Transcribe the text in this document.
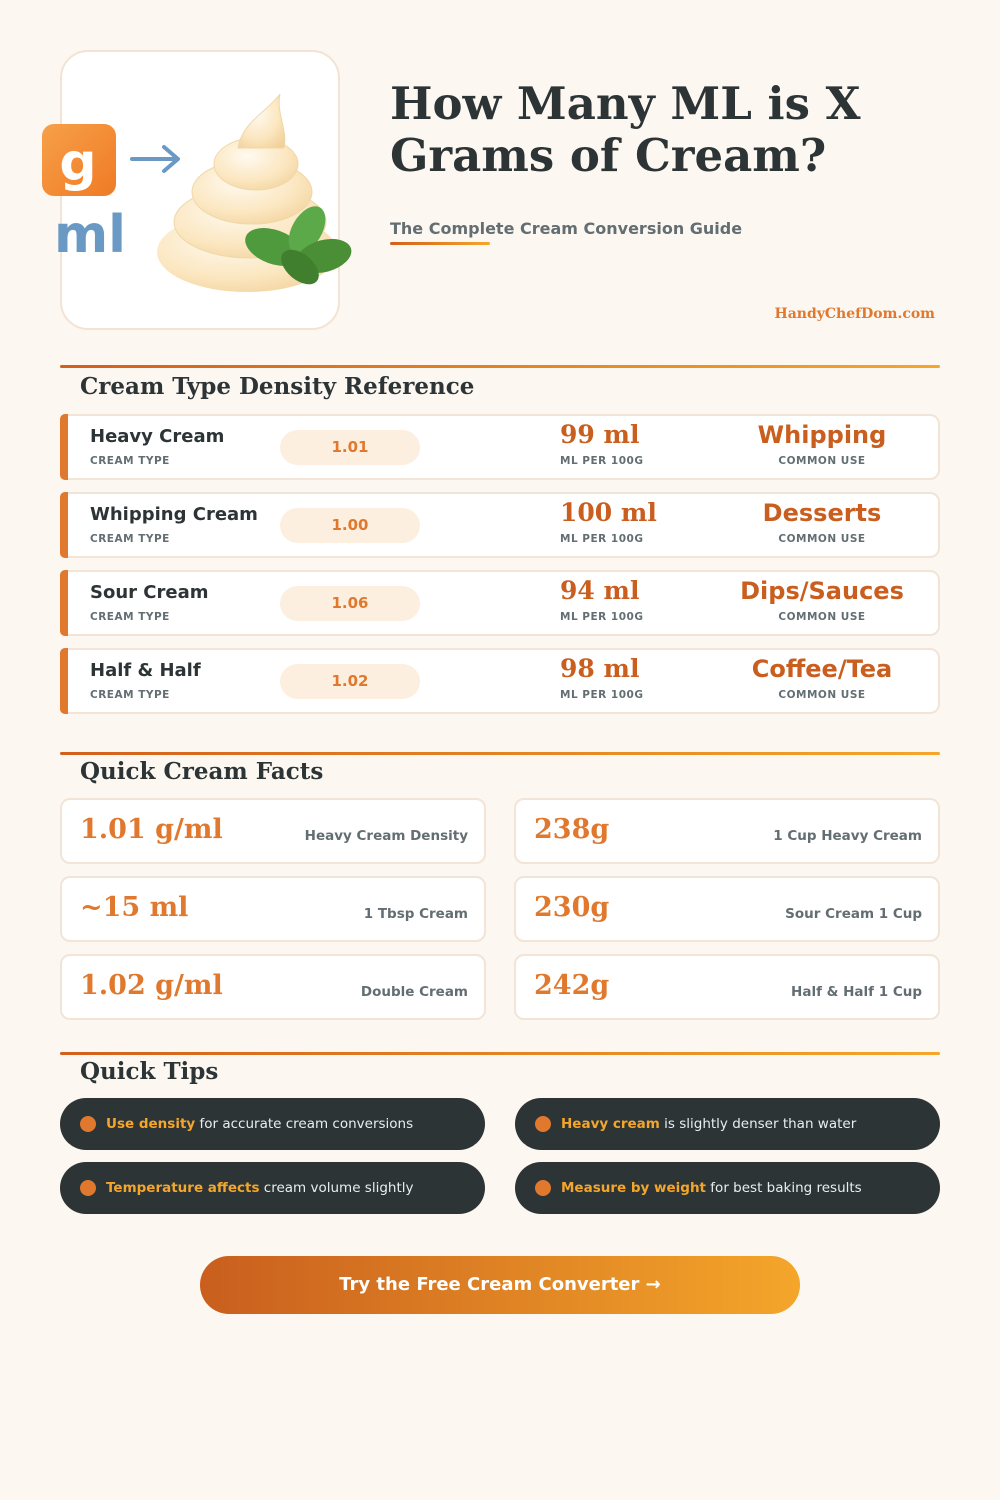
g
ml
How Many ML is X Grams of Cream?
The Complete Cream Conversion Guide
HandyChefDom.com
Cream Type Density Reference
Heavy Cream
CREAM TYPE
1.01	99 ml
ML PER 100G
Whipping
COMMON USE
Whipping Cream
CREAM TYPE
1.00	100 ml
ML PER 100G
Desserts
COMMON USE
Sour Cream
CREAM TYPE
1.06	94 ml
ML PER 100G
Dips/Sauces
COMMON USE
Half & Half
CREAM TYPE
1.02	98 ml
ML PER 100G
Coffee/Tea
COMMON USE
Quick Cream Facts
1.01 g/ml	Heavy Cream Density 238g	1 Cup Heavy Cream
~15 ml	1 Tbsp Cream 230g	Sour Cream 1 Cup
1.02 g/ml	Double Cream 242g	Half & Half 1 Cup
Quick Tips
Use density for accurate cream conversions	Heavy cream is slightly denser than water
Temperature affects cream volume slightly	Measure by weight for best baking results
Try the Free Cream Converter →
